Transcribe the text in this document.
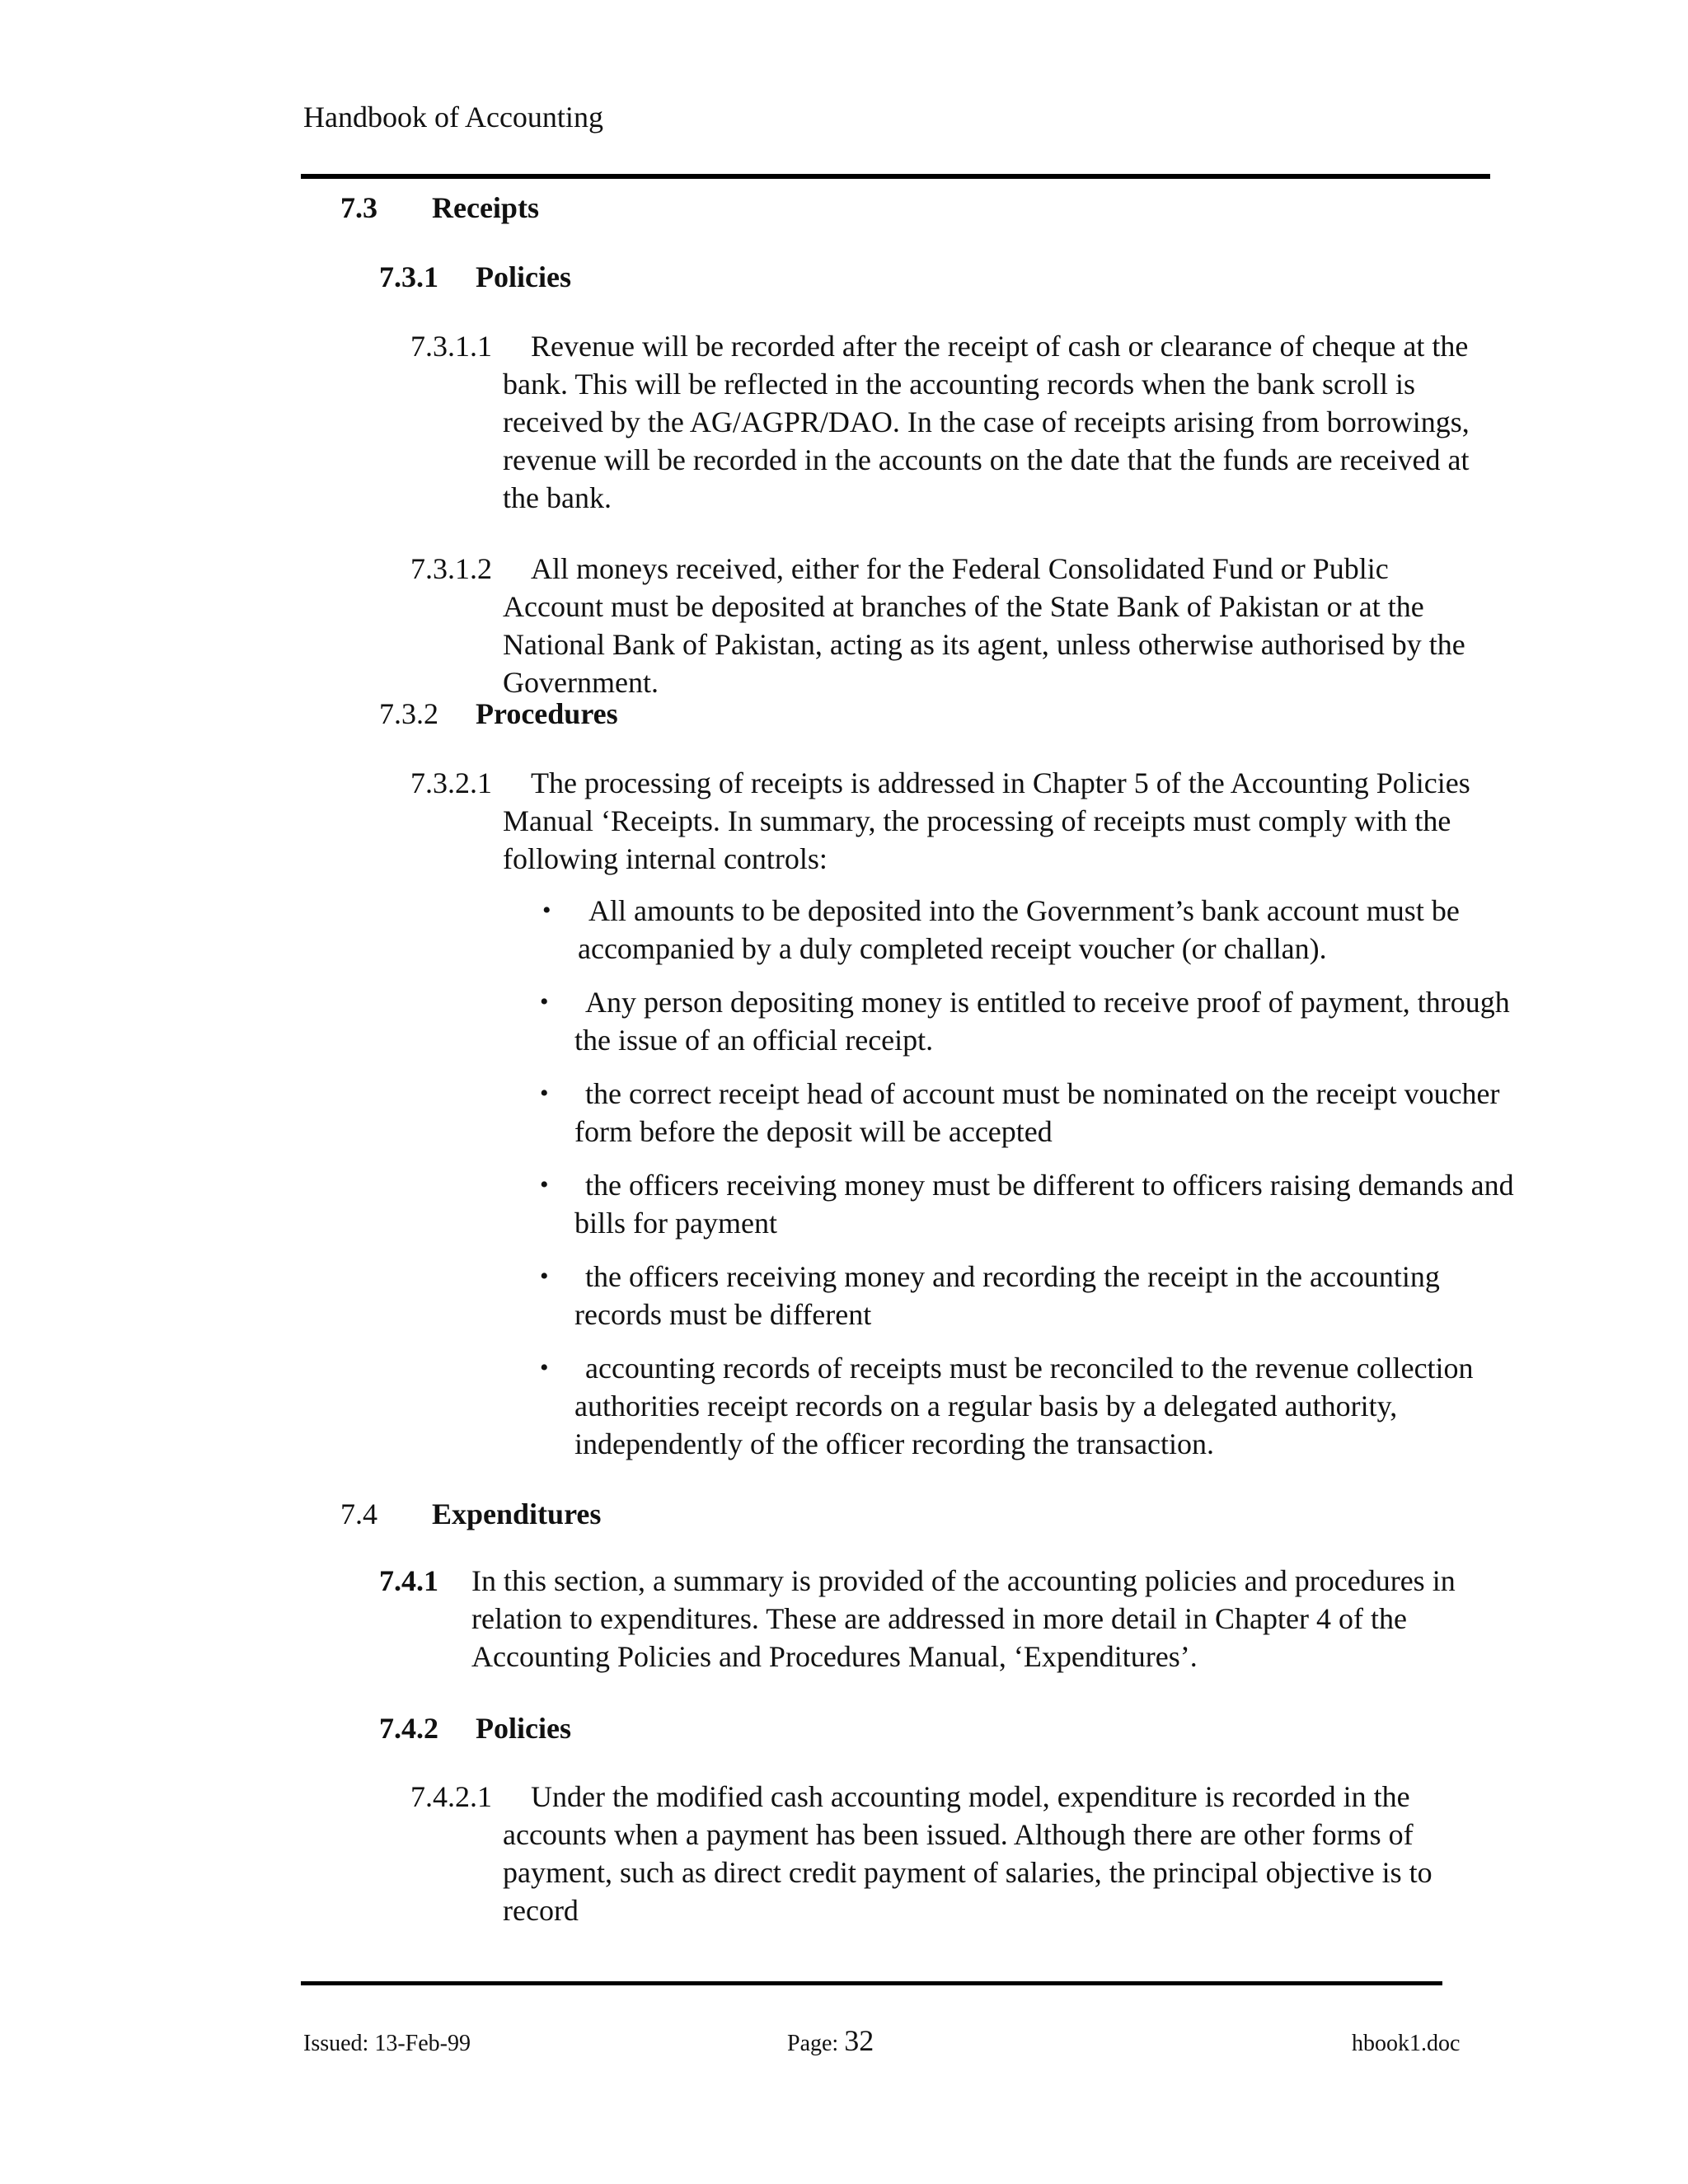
Handbook of Accounting
7.3 Receipts
7.3.1 Policies
7.3.1.1 Revenue will be recorded after the receipt of cash or clearance of cheque at the bank. This will be reflected in the accounting records when the bank scroll is received by the AG/AGPR/DAO. In the case of receipts arising from borrowings, revenue will be recorded in the accounts on the date that the funds are received at the bank.
7.3.1.2 All moneys received, either for the Federal Consolidated Fund or Public Account must be deposited at branches of the State Bank of Pakistan or at the National Bank of Pakistan, acting as its agent, unless otherwise authorised by the Government.
7.3.2 Procedures
7.3.2.1 The processing of receipts is addressed in Chapter 5 of the Accounting Policies Manual ‘Receipts. In summary, the processing of receipts must comply with the following internal controls:
• All amounts to be deposited into the Government’s bank account must be
accompanied by a duly completed receipt voucher (or challan).
• Any person depositing money is entitled to receive proof of payment, through
the issue of an official receipt.
• the correct receipt head of account must be nominated on the receipt voucher
form before the deposit will be accepted
• the officers receiving money must be different to officers raising demands and
bills for payment
• the officers receiving money and recording the receipt in the accounting
records must be different
• accounting records of receipts must be reconciled to the revenue collection
authorities receipt records on a regular basis by a delegated authority,
independently of the officer recording the transaction.
7.4 Expenditures
7.4.1 In this section, a summary is provided of the accounting policies and procedures in relation to expenditures. These are addressed in more detail in Chapter 4 of the Accounting Policies and Procedures Manual, ‘Expenditures’.
7.4.2 Policies
7.4.2.1 Under the modified cash accounting model, expenditure is recorded in the accounts when a payment has been issued. Although there are other forms of payment, such as direct credit payment of salaries, the principal objective is to record
Issued: 13-Feb-99	Page: 32	hbook1.doc
